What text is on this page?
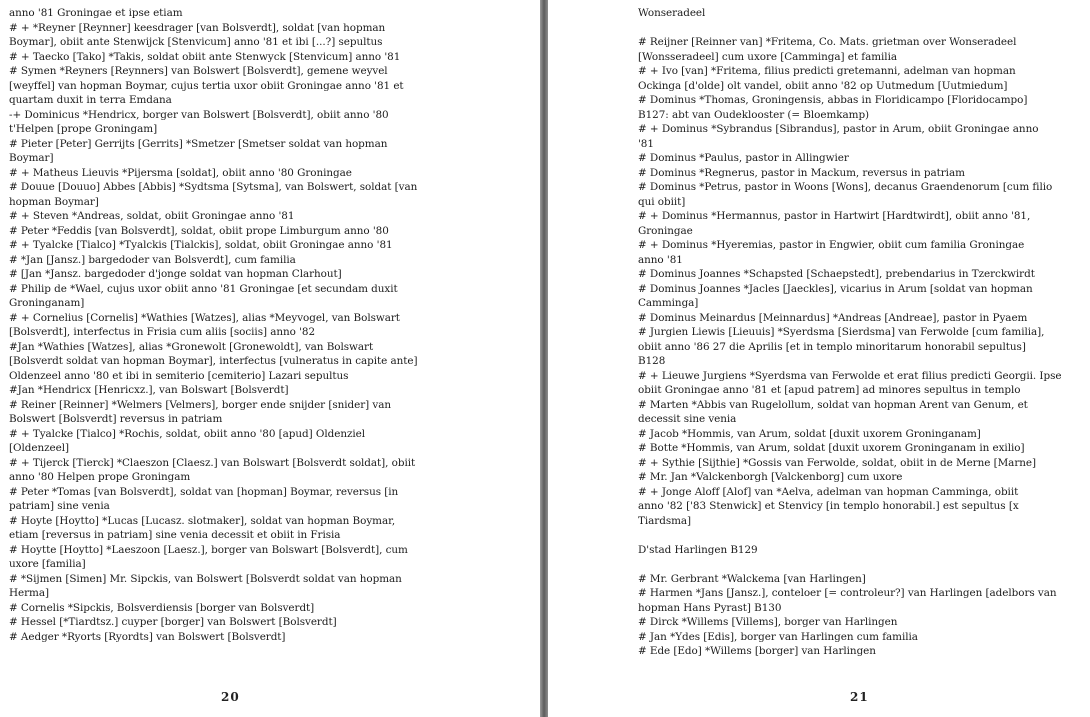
anno '81 Groningae et ipse etiam
# + *Reyner [Reynner] keesdrager [van Bolsverdt], soldat [van hopman
Boymar], obiit ante Stenwijck [Stenvicum] anno '81 et ibi [...?] sepultus
# + Taecko [Tako] *Takis, soldat obiit ante Stenwyck [Stenvicum] anno '81
# Symen *Reyners [Reynners] van Bolswert [Bolsverdt], gemene weyvel
[weyffel] van hopman Boymar, cujus tertia uxor obiit Groningae anno '81 et
quartam duxit in terra Emdana
-+ Dominicus *Hendricx, borger van Bolswert [Bolsverdt], obiit anno '80
t'Helpen [prope Groningam]
# Pieter [Peter] Gerrijts [Gerrits] *Smetzer [Smetser soldat van hopman
Boymar]
# + Matheus Lieuvis *Pijersma [soldat], obiit anno '80 Groningae
# Douue [Douuo] Abbes [Abbis] *Sydtsma [Sytsma], van Bolswert, soldat [van
hopman Boymar]
# + Steven *Andreas, soldat, obiit Groningae anno '81
# Peter *Feddis [van Bolsverdt], soldat, obiit prope Limburgum anno '80
# + Tyalcke [Tialco] *Tyalckis [Tialckis], soldat, obiit Groningae anno '81
# *Jan [Jansz.] bargedoder van Bolsverdt], cum familia
# [Jan *Jansz. bargedoder d'jonge soldat van hopman Clarhout]
# Philip de *Wael, cujus uxor obiit anno '81 Groningae [et secundam duxit
Groninganam]
# + Cornelius [Cornelis] *Wathies [Watzes], alias *Meyvogel, van Bolswart
[Bolsverdt], interfectus in Frisia cum aliis [sociis] anno '82
#Jan *Wathies [Watzes], alias *Gronewolt [Gronewoldt], van Bolswart
[Bolsverdt soldat van hopman Boymar], interfectus [vulneratus in capite ante]
Oldenzeel anno '80 et ibi in semiterio [cemiterio] Lazari sepultus
#Jan *Hendricx [Henricxz.], van Bolswart [Bolsverdt]
# Reiner [Reinner] *Welmers [Velmers], borger ende snijder [snider] van
Bolswert [Bolsverdt] reversus in patriam
# + Tyalcke [Tialco] *Rochis, soldat, obiit anno '80 [apud] Oldenziel
[Oldenzeel]
# + Tijerck [Tierck] *Claeszon [Claesz.] van Bolswart [Bolsverdt soldat], obiit
anno '80 Helpen prope Groningam
# Peter *Tomas [van Bolsverdt], soldat van [hopman] Boymar, reversus [in
patriam] sine venia
# Hoyte [Hoytto] *Lucas [Lucasz. slotmaker], soldat van hopman Boymar,
etiam [reversus in patriam] sine venia decessit et obiit in Frisia
# Hoytte [Hoytto] *Laeszoon [Laesz.], borger van Bolswart [Bolsverdt], cum
uxore [familia]
# *Sijmen [Simen] Mr. Sipckis, van Bolswert [Bolsverdt soldat van hopman
Herma]
# Cornelis *Sipckis, Bolsverdiensis [borger van Bolsverdt]
# Hessel [*Tiardtsz.] cuyper [borger] van Bolswert [Bolsverdt]
# Aedger *Ryorts [Ryordts] van Bolswert [Bolsverdt]
20
Wonseradeel
# Reijner [Reinner van] *Fritema, Co. Mats. grietman over Wonseradeel
[Wonsseradeel] cum uxore [Camminga] et familia
# + Ivo [van] *Fritema, filius predicti gretemanni, adelman van hopman
Ockinga [d'olde] olt vandel, obiit anno '82 op Uutmedum [Uutmiedum]
# Dominus *Thomas, Groningensis, abbas in Floridicampo [Floridocampo]
B127: abt van Oudeklooster (= Bloemkamp)
# + Dominus *Sybrandus [Sibrandus], pastor in Arum, obiit Groningae anno
'81
# Dominus *Paulus, pastor in Allingwier
# Dominus *Regnerus, pastor in Mackum, reversus in patriam
# Dominus *Petrus, pastor in Woons [Wons], decanus Graendenorum [cum filio
qui obiit]
# + Dominus *Hermannus, pastor in Hartwirt [Hardtwirdt], obiit anno '81,
Groningae
# + Dominus *Hyeremias, pastor in Engwier, obiit cum familia Groningae
anno '81
# Dominus Joannes *Schapsted [Schaepstedt], prebendarius in Tzerckwirdt
# Dominus Joannes *Jacles [Jaeckles], vicarius in Arum [soldat van hopman
Camminga]
# Dominus Meinardus [Meinnardus] *Andreas [Andreae], pastor in Pyaem
# Jurgien Liewis [Lieuuis] *Syerdsma [Sierdsma] van Ferwolde [cum familia],
obiit anno '86 27 die Aprilis [et in templo minoritarum honorabil sepultus]
B128
# + Lieuwe Jurgiens *Syerdsma van Ferwolde et erat filius predicti Georgii. Ipse
obiit Groningae anno '81 et [apud patrem] ad minores sepultus in templo
# Marten *Abbis van Rugelollum, soldat van hopman Arent van Genum, et
decessit sine venia
# Jacob *Hommis, van Arum, soldat [duxit uxorem Groninganam]
# Botte *Hommis, van Arum, soldat [duxit uxorem Groninganam in exilio]
# + Sythie [Sijthie] *Gossis van Ferwolde, soldat, obiit in de Merne [Marne]
# Mr. Jan *Valckenborgh [Valckenborg] cum uxore
# + Jonge Aloff [Alof] van *Aelva, adelman van hopman Camminga, obiit
anno '82 ['83 Stenwick] et Stenvicy [in templo honorabil.] est sepultus [x
Tiardsma]
D'stad Harlingen B129
# Mr. Gerbrant *Walckema [van Harlingen]
# Harmen *Jans [Jansz.], conteloer [= controleur?] van Harlingen [adelbors van
hopman Hans Pyrast] B130
# Dirck *Willems [Villems], borger van Harlingen
# Jan *Ydes [Edis], borger van Harlingen cum familia
# Ede [Edo] *Willems [borger] van Harlingen
21
